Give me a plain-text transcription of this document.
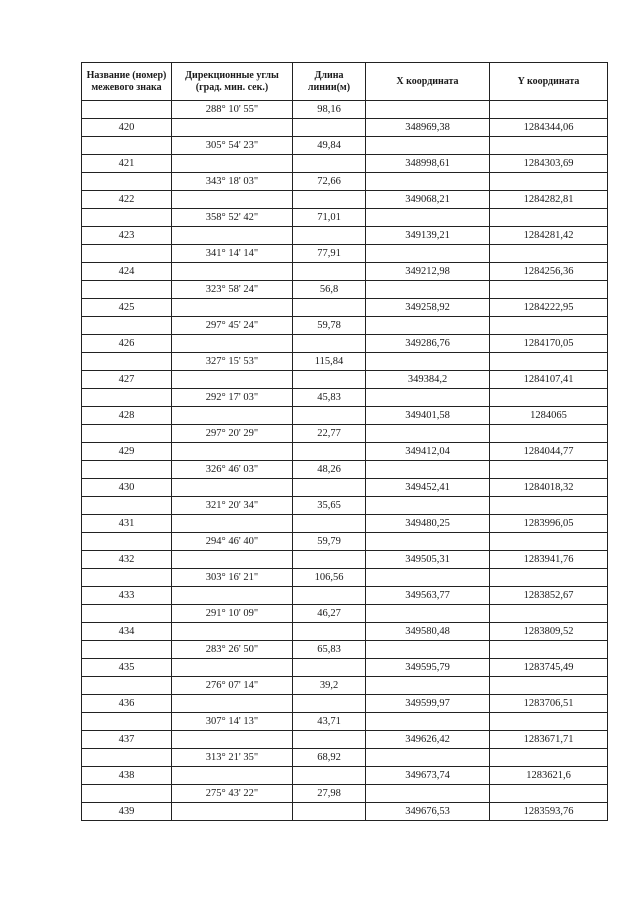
Название (номер) межевого знака	Дирекционные углы (град. мин. сек.)	Длина линии(м)	X координата	Y координата
	288° 10' 55"	98,16		
420			348969,38	1284344,06
	305° 54' 23"	49,84		
421			348998,61	1284303,69
	343° 18' 03"	72,66		
422			349068,21	1284282,81
	358° 52' 42"	71,01		
423			349139,21	1284281,42
	341° 14' 14"	77,91		
424			349212,98	1284256,36
	323° 58' 24"	56,8		
425			349258,92	1284222,95
	297° 45' 24"	59,78		
426			349286,76	1284170,05
	327° 15' 53"	115,84		
427			349384,2	1284107,41
	292° 17' 03"	45,83		
428			349401,58	1284065
	297° 20' 29"	22,77		
429			349412,04	1284044,77
	326° 46' 03"	48,26		
430			349452,41	1284018,32
	321° 20' 34"	35,65		
431			349480,25	1283996,05
	294° 46' 40"	59,79		
432			349505,31	1283941,76
	303° 16' 21"	106,56		
433			349563,77	1283852,67
	291° 10' 09"	46,27		
434			349580,48	1283809,52
	283° 26' 50"	65,83		
435			349595,79	1283745,49
	276° 07' 14"	39,2		
436			349599,97	1283706,51
	307° 14' 13"	43,71		
437			349626,42	1283671,71
	313° 21' 35"	68,92		
438			349673,74	1283621,6
	275° 43' 22"	27,98		
439			349676,53	1283593,76
